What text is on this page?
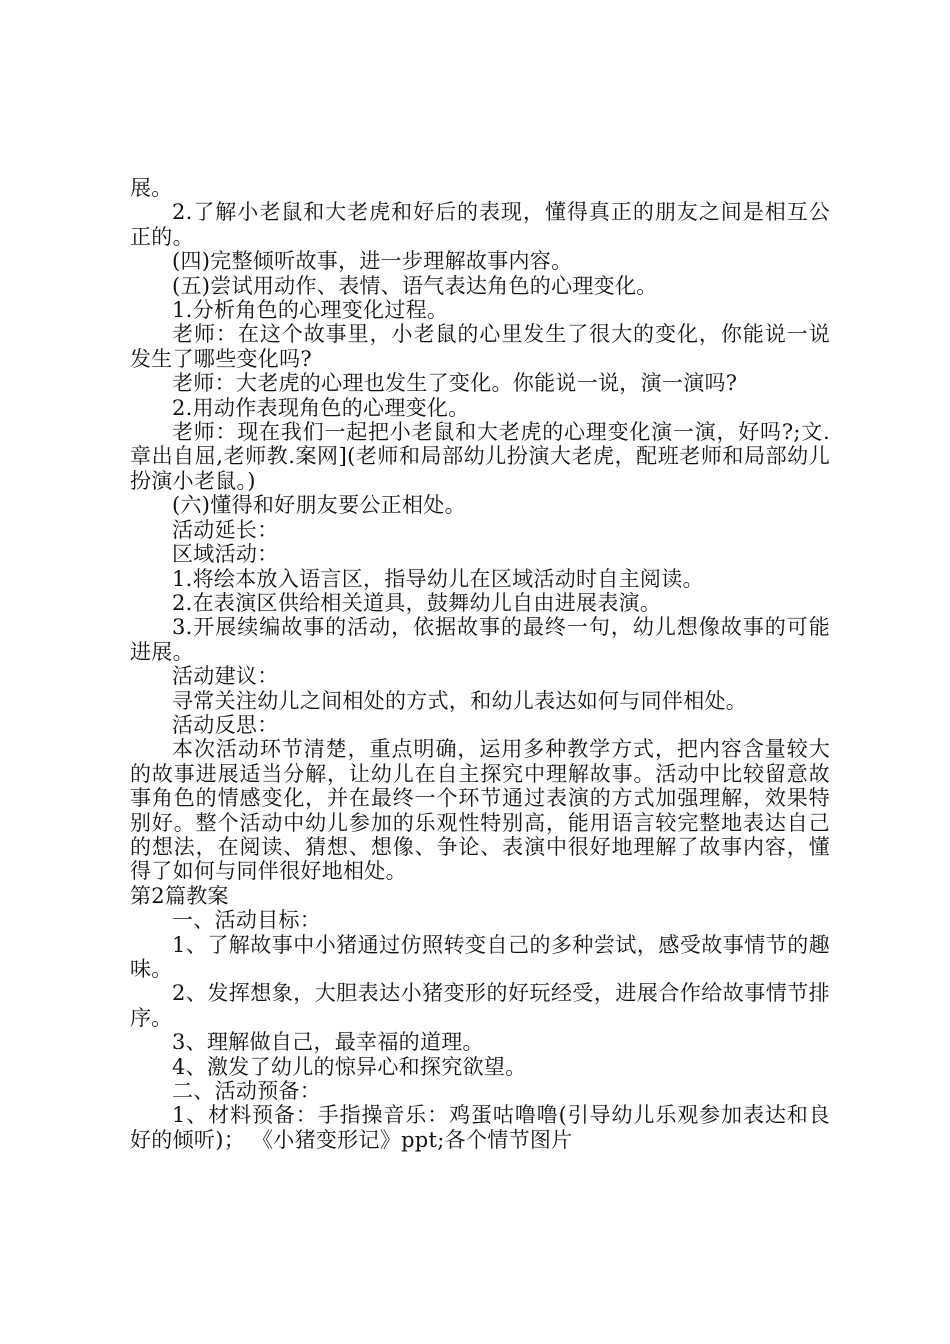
展。

2.了解小老鼠和大老虎和好后的表现，懂得真正的朋友之间是相互公正的。

(四)完整倾听故事，进一步理解故事内容。

(五)尝试用动作、表情、语气表达角色的心理变化。

1.分析角色的心理变化过程。

老师：在这个故事里，小老鼠的心里发生了很大的变化，你能说一说发生了哪些变化吗?

老师：大老虎的心理也发生了变化。你能说一说，演一演吗?

2.用动作表现角色的心理变化。

老师：现在我们一起把小老鼠和大老虎的心理变化演一演，好吗?;文.章出自屈,老师教.案网](老师和局部幼儿扮演大老虎，配班老师和局部幼儿扮演小老鼠。)

(六)懂得和好朋友要公正相处。

活动延长：

区域活动：

1.将绘本放入语言区，指导幼儿在区域活动时自主阅读。

2.在表演区供给相关道具，鼓舞幼儿自由进展表演。

3.开展续编故事的活动，依据故事的最终一句，幼儿想像故事的可能进展。

活动建议：

寻常关注幼儿之间相处的方式，和幼儿表达如何与同伴相处。

活动反思：

本次活动环节清楚，重点明确，运用多种教学方式，把内容含量较大的故事进展适当分解，让幼儿在自主探究中理解故事。活动中比较留意故事角色的情感变化，并在最终一个环节通过表演的方式加强理解，效果特别好。整个活动中幼儿参加的乐观性特别高，能用语言较完整地表达自己的想法，在阅读、猜想、想像、争论、表演中很好地理解了故事内容，懂得了如何与同伴很好地相处。

第2篇教案

一、活动目标：

1、了解故事中小猪通过仿照转变自己的多种尝试，感受故事情节的趣味。

2、发挥想象，大胆表达小猪变形的好玩经受，进展合作给故事情节排序。

3、理解做自己，最幸福的道理。

4、激发了幼儿的惊异心和探究欲望。

二、活动预备：

1、材料预备：手指操音乐：鸡蛋咕噜噜(引导幼儿乐观参加表达和良好的倾听)； 《小猪变形记》ppt;各个情节图片
